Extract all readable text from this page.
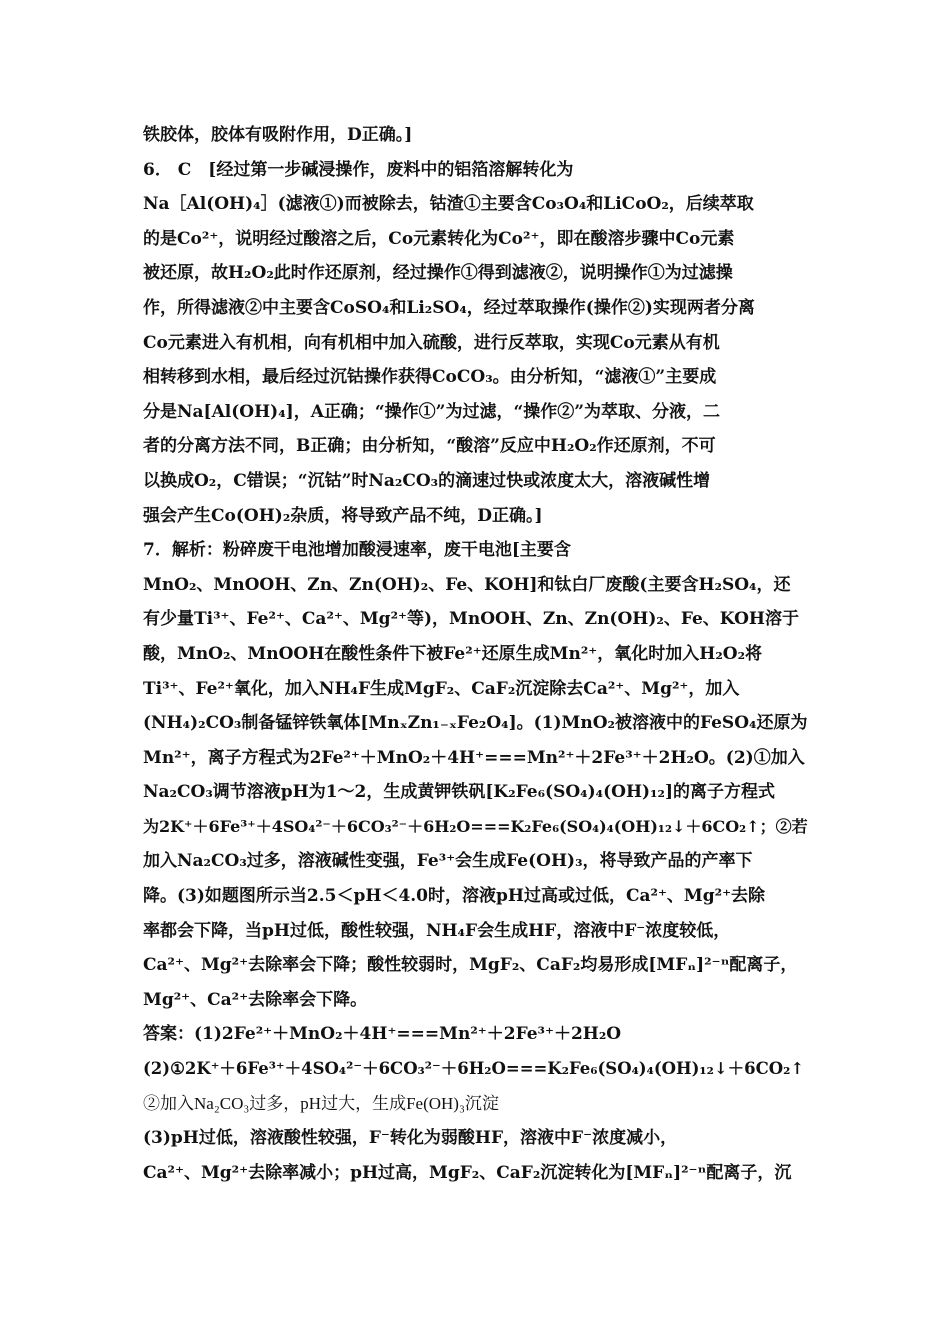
铁胶体，胶体有吸附作用，D正确。]
6． C　[经过第一步碱浸操作，废料中的铝箔溶解转化为
Na［Al(OH)₄］(滤液①)而被除去，钴渣①主要含Co₃O₄和LiCoO₂，后续萃取
的是Co²⁺，说明经过酸溶之后，Co元素转化为Co²⁺，即在酸溶步骤中Co元素
被还原，故H₂O₂此时作还原剂，经过操作①得到滤液②，说明操作①为过滤操
作，所得滤液②中主要含CoSO₄和Li₂SO₄，经过萃取操作(操作②)实现两者分离
Co元素进入有机相，向有机相中加入硫酸，进行反萃取，实现Co元素从有机
相转移到水相，最后经过沉钴操作获得CoCO₃。由分析知，“滤液①”主要成
分是Na[Al(OH)₄]，A正确；“操作①”为过滤，“操作②”为萃取、分液，二
者的分离方法不同，B正确；由分析知，“酸溶”反应中H₂O₂作还原剂，不可
以换成O₂，C错误；“沉钴”时Na₂CO₃的滴速过快或浓度太大，溶液碱性增
强会产生Co(OH)₂杂质，将导致产品不纯，D正确。]
7．解析：粉碎废干电池增加酸浸速率，废干电池[主要含
MnO₂、MnOOH、Zn、Zn(OH)₂、Fe、KOH]和钛白厂废酸(主要含H₂SO₄，还
有少量Ti³⁺、Fe²⁺、Ca²⁺、Mg²⁺等)，MnOOH、Zn、Zn(OH)₂、Fe、KOH溶于
酸，MnO₂、MnOOH在酸性条件下被Fe²⁺还原生成Mn²⁺，氧化时加入H₂O₂将
Ti³⁺、Fe²⁺氧化，加入NH₄F生成MgF₂、CaF₂沉淀除去Ca²⁺、Mg²⁺，加入
(NH₄)₂CO₃制备锰锌铁氧体[MnₓZn₁₋ₓFe₂O₄]。(1)MnO₂被溶液中的FeSO₄还原为
Mn²⁺，离子方程式为2Fe²⁺＋MnO₂＋4H⁺===Mn²⁺＋2Fe³⁺＋2H₂O。(2)①加入
Na₂CO₃调节溶液pH为1～2，生成黄钾铁矾[K₂Fe₆(SO₄)₄(OH)₁₂]的离子方程式
为2K⁺＋6Fe³⁺＋4SO₄²⁻＋6CO₃²⁻＋6H₂O===K₂Fe₆(SO₄)₄(OH)₁₂↓＋6CO₂↑；②若
加入Na₂CO₃过多，溶液碱性变强，Fe³⁺会生成Fe(OH)₃，将导致产品的产率下
降。(3)如题图所示当2.5＜pH＜4.0时，溶液pH过高或过低，Ca²⁺、Mg²⁺去除
率都会下降，当pH过低，酸性较强，NH₄F会生成HF，溶液中F⁻浓度较低，
Ca²⁺、Mg²⁺去除率会下降；酸性较弱时，MgF₂、CaF₂均易形成[MFₙ]²⁻ⁿ配离子，
Mg²⁺、Ca²⁺去除率会下降。
答案：(1)2Fe²⁺＋MnO₂＋4H⁺===Mn²⁺＋2Fe³⁺＋2H₂O
(2)①2K⁺＋6Fe³⁺＋4SO₄²⁻＋6CO₃²⁻＋6H₂O===K₂Fe₆(SO₄)₄(OH)₁₂↓＋6CO₂↑
②加入Na₂CO₃过多，pH过大，生成Fe(OH)₃沉淀
(3)pH过低，溶液酸性较强，F⁻转化为弱酸HF，溶液中F⁻浓度减小，
Ca²⁺、Mg²⁺去除率减小；pH过高，MgF₂、CaF₂沉淀转化为[MFₙ]²⁻ⁿ配离子，沉
